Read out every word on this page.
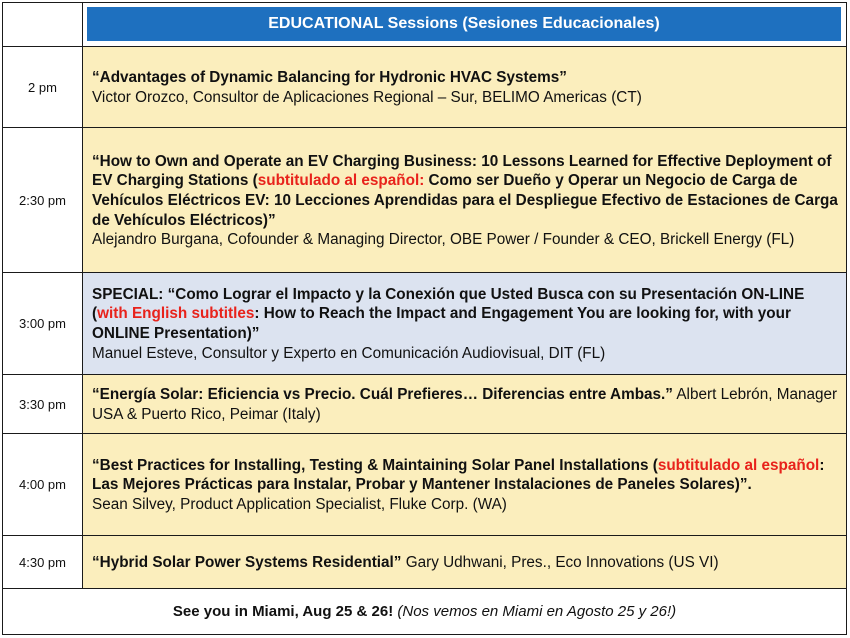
	EDUCATIONAL Sessions (Sesiones Educacionales)

2 pm	“Advantages of Dynamic Balancing for Hydronic HVAC Systems”
Victor Orozco, Consultor de Aplicaciones Regional – Sur, BELIMO Americas (CT)
2:30 pm	“How to Own and Operate an EV Charging Business: 10 Lessons Learned for Effective Deployment of EV Charging Stations (subtitulado al español: Como ser Dueño y Operar un Negocio de Carga de Vehículos Eléctricos EV: 10 Lecciones Aprendidas para el Despliegue Efectivo de Estaciones de Carga de Vehículos Eléctricos)”
Alejandro Burgana, Cofounder & Managing Director, OBE Power / Founder & CEO, Brickell Energy (FL)
3:00 pm	SPECIAL: “Como Lograr el Impacto y la Conexión que Usted Busca con su Presentación ON-LINE (with English subtitles: How to Reach the Impact and Engagement You are looking for, with your ONLINE Presentation)”
Manuel Esteve, Consultor y Experto en Comunicación Audiovisual, DIT (FL)
3:30 pm	“Energía Solar: Eficiencia vs Precio. Cuál Prefieres… Diferencias entre Ambas.” Albert Lebrón, Manager USA & Puerto Rico, Peimar (Italy)
4:00 pm	“Best Practices for Installing, Testing & Maintaining Solar Panel Installations (subtitulado al español: Las Mejores Prácticas para Instalar, Probar y Mantener Instalaciones de Paneles Solares)”.
Sean Silvey, Product Application Specialist, Fluke Corp. (WA)
4:30 pm	“Hybrid Solar Power Systems Residential” Gary Udhwani, Pres., Eco Innovations (US VI)
See you in Miami, Aug 25 & 26! (Nos vemos en Miami en Agosto 25 y 26!)	
